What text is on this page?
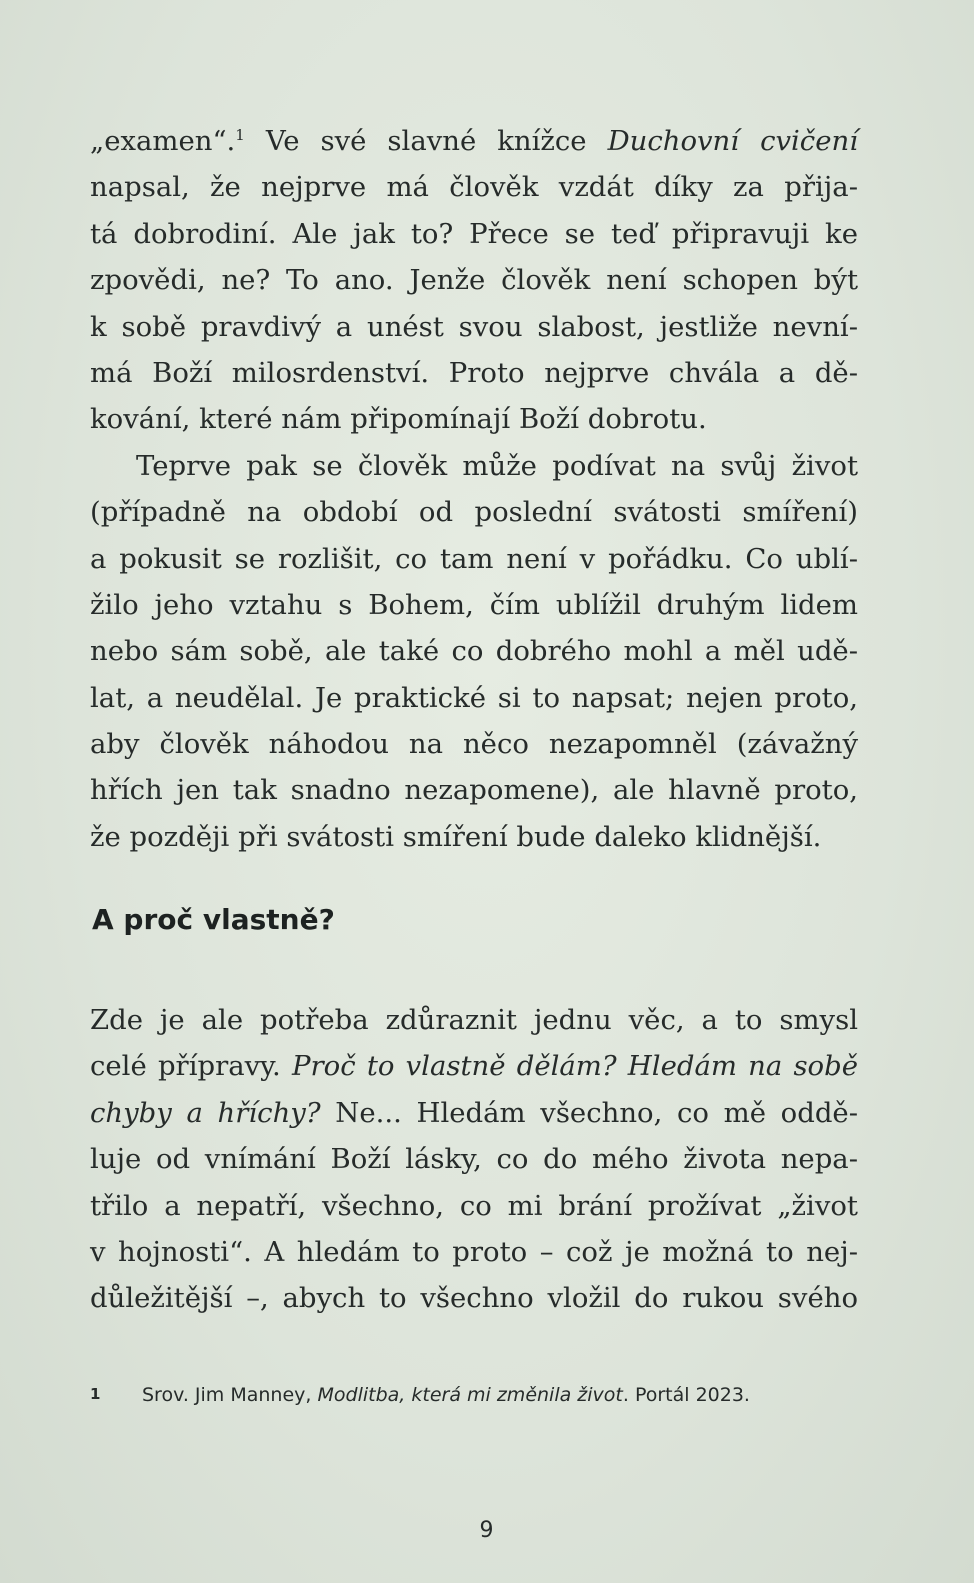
„examen“.$^1$ Ve své slavné knížce Duchovní cvičení
napsal, že nejprve má člověk vzdát díky za přija-
tá dobrodiní. Ale jak to? Přece se teď připravuji ke
zpovědi, ne? To ano. Jenže člověk není schopen být
k sobě pravdivý a unést svou slabost, jestliže nevní-
má Boží milosrdenství. Proto nejprve chvála a dě-
kování, které nám připomínají Boží dobrotu.
Teprve pak se člověk může podívat na svůj život
(případně na období od poslední svátosti smíření)
a pokusit se rozlišit, co tam není v pořádku. Co ublí-
žilo jeho vztahu s Bohem, čím ublížil druhým lidem
nebo sám sobě, ale také co dobrého mohl a měl udě-
lat, a neudělal. Je praktické si to napsat; nejen proto,
aby člověk náhodou na něco nezapomněl (závažný
hřích jen tak snadno nezapomene), ale hlavně proto,
že později při svátosti smíření bude daleko klidnější.
A proč vlastně?
Zde je ale potřeba zdůraznit jednu věc, a to smysl
celé přípravy. Proč to vlastně dělám? Hledám na sobě
chyby a hříchy? Ne... Hledám všechno, co mě oddě-
luje od vnímání Boží lásky, co do mého života nepa-
třilo a nepatří, všechno, co mi brání prožívat „život
v hojnosti“. A hledám to proto – což je možná to nej-
důležitější –, abych to všechno vložil do rukou svého
1 Srov. Jim Manney, Modlitba, která mi změnila život. Portál 2023.
9
